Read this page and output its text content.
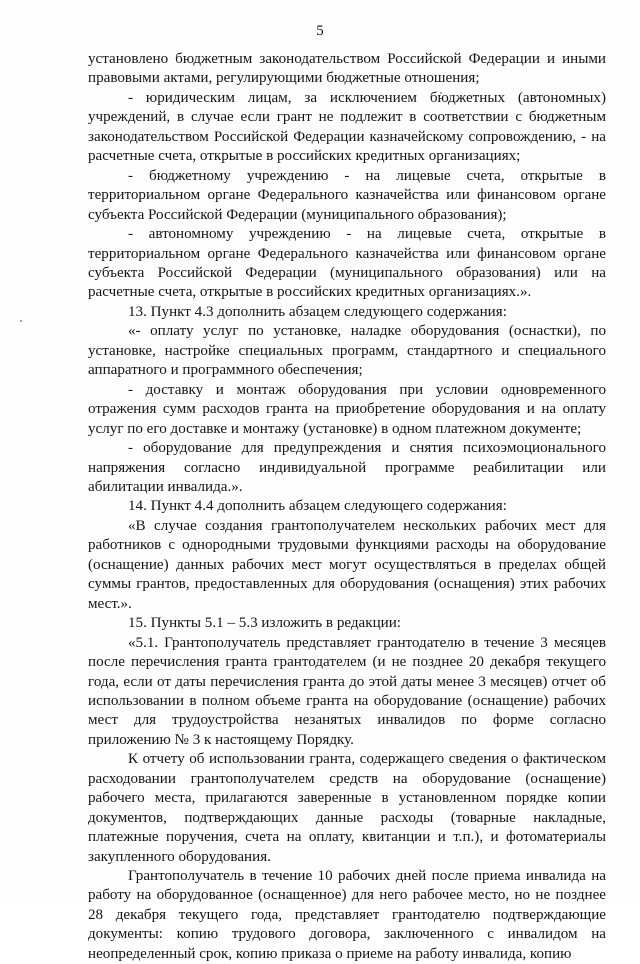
5

установлено бюджетным законодательством Российской Федерации и иными правовыми актами, регулирующими бюджетные отношения;

- юридическим лицам, за исключением бюджетных (автономных) учреждений, в случае если грант не подлежит в соответствии с бюджетным законодательством Российской Федерации казначейскому сопровождению, - на расчетные счета, открытые в российских кредитных организациях;

- бюджетному учреждению - на лицевые счета, открытые в территориальном органе Федерального казначейства или финансовом органе субъекта Российской Федерации (муниципального образования);

- автономному учреждению - на лицевые счета, открытые в территориальном органе Федерального казначейства или финансовом органе субъекта Российской Федерации (муниципального образования) или на расчетные счета, открытые в российских кредитных организациях.».

13. Пункт 4.3 дополнить абзацем следующего содержания:

«- оплату услуг по установке, наладке оборудования (оснастки), по установке, настройке специальных программ, стандартного и специального аппаратного и программного обеспечения;

- доставку и монтаж оборудования при условии одновременного отражения сумм расходов гранта на приобретение оборудования и на оплату услуг по его доставке и монтажу (установке) в одном платежном документе;

- оборудование для предупреждения и снятия психоэмоционального напряжения согласно индивидуальной программе реабилитации или абилитации инвалида.».

14. Пункт 4.4 дополнить абзацем следующего содержания:

«В случае создания грантополучателем нескольких рабочих мест для работников с однородными трудовыми функциями расходы на оборудование (оснащение) данных рабочих мест могут осуществляться в пределах общей суммы грантов, предоставленных для оборудования (оснащения) этих рабочих мест.».

15. Пункты 5.1 – 5.3 изложить в редакции:

«5.1. Грантополучатель представляет грантодателю в течение 3 месяцев после перечисления гранта грантодателем (и не позднее 20 декабря текущего года, если от даты перечисления гранта до этой даты менее 3 месяцев) отчет об использовании в полном объеме гранта на оборудование (оснащение) рабочих мест для трудоустройства незанятых инвалидов по форме согласно приложению № 3 к настоящему Порядку.

К отчету об использовании гранта, содержащего сведения о фактическом расходовании грантополучателем средств на оборудование (оснащение) рабочего места, прилагаются заверенные в установленном порядке копии документов, подтверждающих данные расходы (товарные накладные, платежные поручения, счета на оплату, квитанции и т.п.), и фотоматериалы закупленного оборудования.

Грантополучатель в течение 10 рабочих дней после приема инвалида на работу на оборудованное (оснащенное) для него рабочее место, но не позднее 28 декабря текущего года, представляет грантодателю подтверждающие документы: копию трудового договора, заключенного с инвалидом на неопределенный срок, копию приказа о приеме на работу инвалида, копию
